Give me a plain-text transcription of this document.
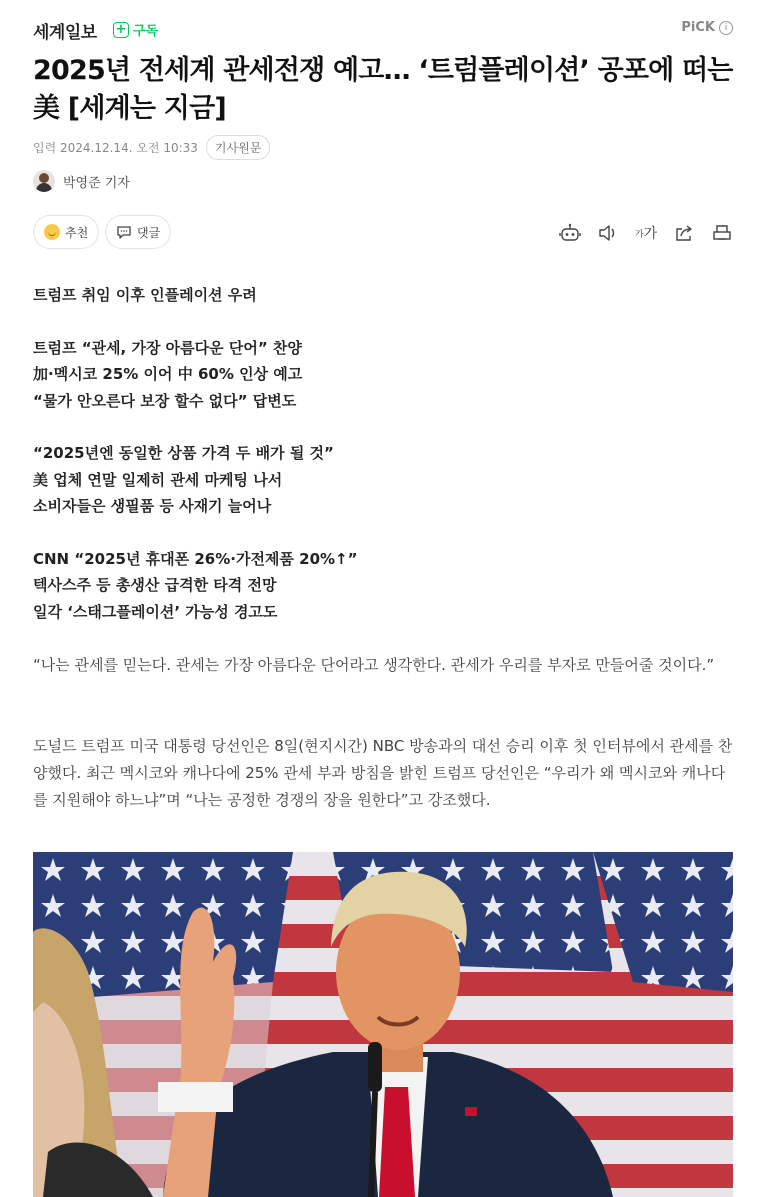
세계일보 + 구독	PiCK	i
2025년 전세계 관세전쟁 예고… ‘트럼플레이션’ 공포에 떠는 美 [세계는 지금]
입력 2024.12.14. 오전 10:33	기사원문
박영준 기자
추천	댓글	가 가
트럼프 취임 이후 인플레이션 우려
트럼프 “관세, 가장 아름다운 단어” 찬양
加·멕시코 25% 이어 中 60% 인상 예고
“물가 안오른다 보장 할수 없다” 답변도
“2025년엔 동일한 상품 가격 두 배가 될 것”
美 업체 연말 일제히 관세 마케팅 나서
소비자들은 생필품 등 사재기 늘어나
CNN “2025년 휴대폰 26%·가전제품 20%↑”
텍사스주 등 총생산 급격한 타격 전망
일각 ‘스태그플레이션’ 가능성 경고도
“나는 관세를 믿는다. 관세는 가장 아름다운 단어라고 생각한다. 관세가 우리를 부자로 만들어줄 것이다.”
도널드 트럼프 미국 대통령 당선인은 8일(현지시간) NBC 방송과의 대선 승리 이후 첫 인터뷰에서 관세를 찬양했다. 최근 멕시코와 캐나다에 25% 관세 부과 방침을 밝힌 트럼프 당선인은 “우리가 왜 멕시코와 캐나다를 지원해야 하느냐”며 “나는 공정한 경쟁의 장을 원한다”고 강조했다.
